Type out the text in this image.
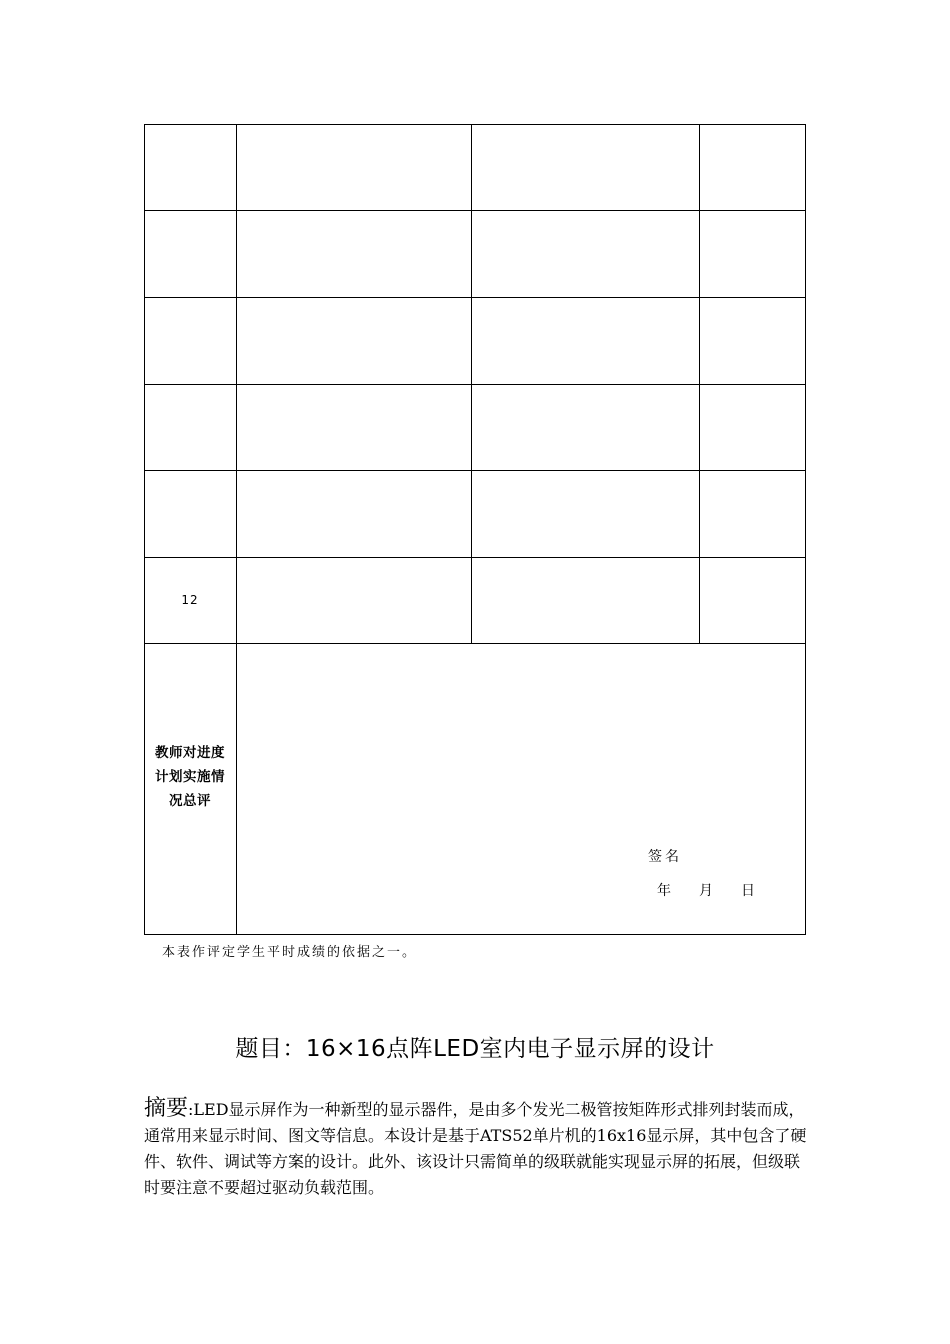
12
教师对进度计划实施情况总评
签名
年 月 日
本表作评定学生平时成绩的依据之一。
题目：16×16点阵LED室内电子显示屏的设计
摘要:LED显示屏作为一种新型的显示器件，是由多个发光二极管按矩阵形式排列封装而成，通常用来显示时间、图文等信息。本设计是基于ATS52单片机的16x16显示屏，其中包含了硬件、软件、调试等方案的设计。此外、该设计只需简单的级联就能实现显示屏的拓展，但级联时要注意不要超过驱动负载范围。
